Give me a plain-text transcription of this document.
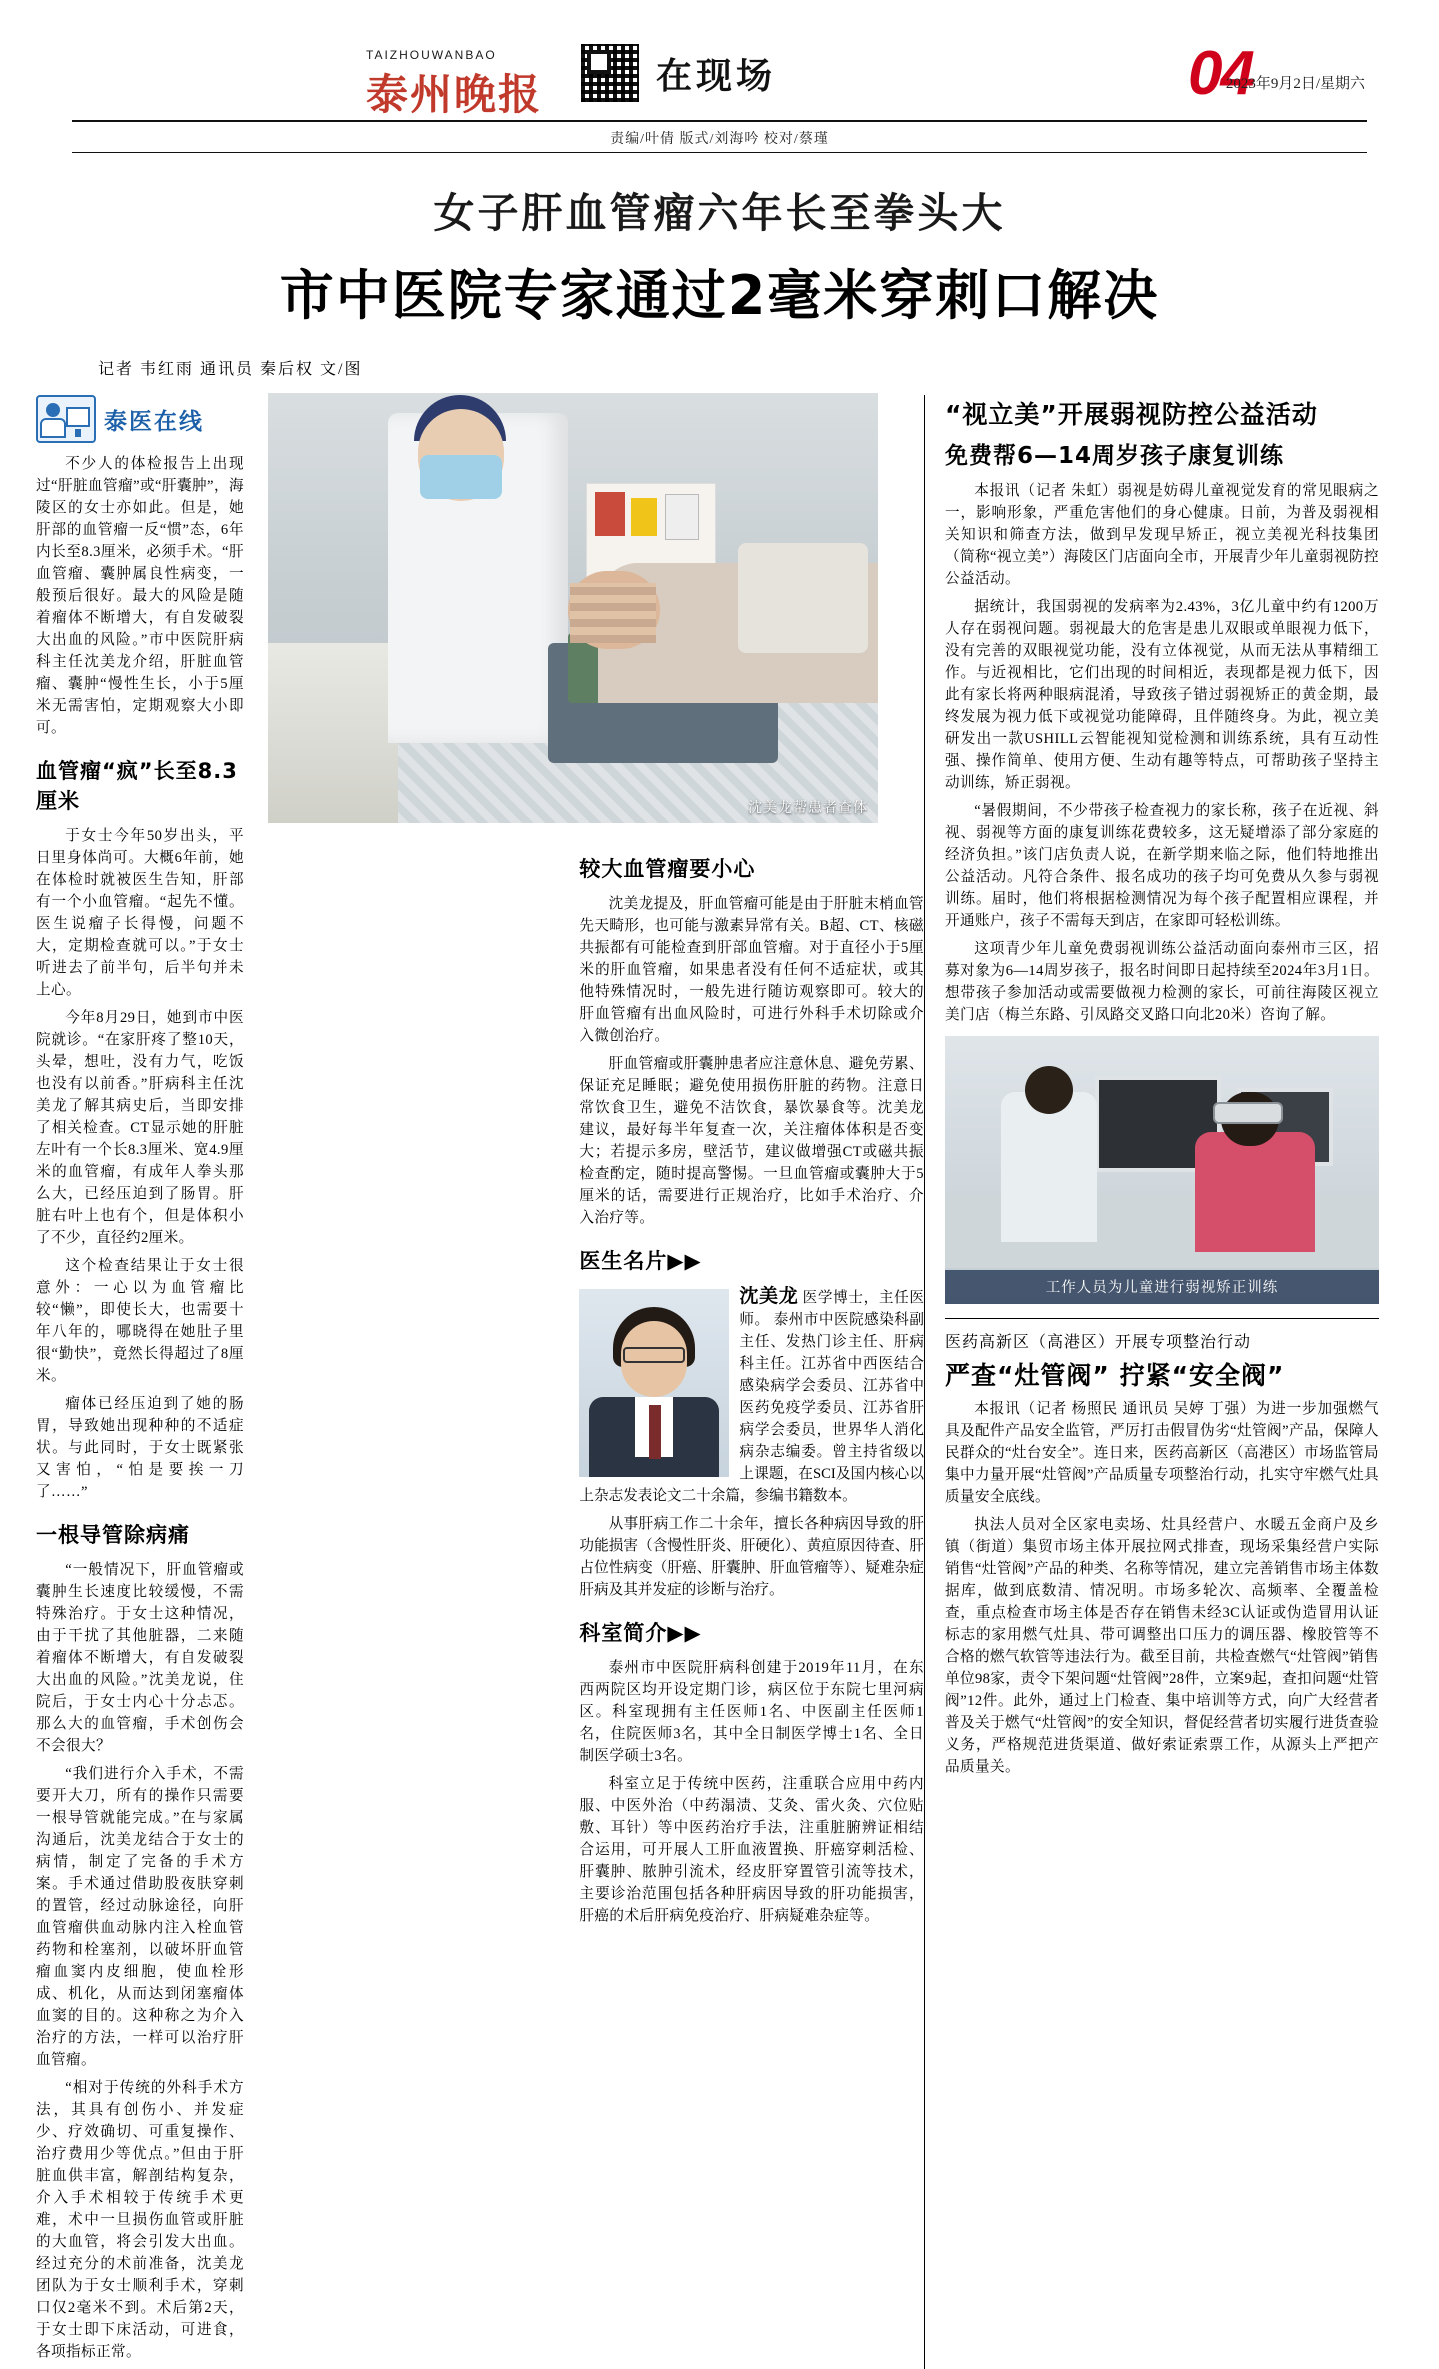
TAIZHOUWANBAO
泰州晚报	在现场	04
2023年9月2日/星期六
责编/叶倩 版式/刘海吟 校对/蔡瑾
女子肝血管瘤六年长至拳头大
市中医院专家通过2毫米穿刺口解决
记者 韦红雨 通讯员 秦后权 文/图
泰医在线

不少人的体检报告上出现过“肝脏血管瘤”或“肝囊肿”，海陵区的女士亦如此。但是，她肝部的血管瘤一反“惯”态，6年内长至8.3厘米，必须手术。“肝血管瘤、囊肿属良性病变，一般预后很好。最大的风险是随着瘤体不断增大，有自发破裂大出血的风险。”市中医院肝病科主任沈美龙介绍，肝脏血管瘤、囊肿“慢性生长，小于5厘米无需害怕，定期观察大小即可。

血管瘤“疯”长至8.3厘米

于女士今年50岁出头，平日里身体尚可。大概6年前，她在体检时就被医生告知，肝部有一个小血管瘤。“起先不懂。医生说瘤子长得慢，问题不大，定期检查就可以。”于女士听进去了前半句，后半句并未上心。

今年8月29日，她到市中医院就诊。“在家肝疼了整10天，头晕，想吐，没有力气，吃饭也没有以前香。”肝病科主任沈美龙了解其病史后，当即安排了相关检查。CT显示她的肝脏左叶有一个长8.3厘米、宽4.9厘米的血管瘤，有成年人拳头那么大，已经压迫到了肠胃。肝脏右叶上也有个，但是体积小了不少，直径约2厘米。

这个检查结果让于女士很意外：一心以为血管瘤比较“懒”，即使长大，也需要十年八年的，哪晓得在她肚子里很“勤快”，竟然长得超过了8厘米。

瘤体已经压迫到了她的肠胃，导致她出现种种的不适症状。与此同时，于女士既紧张又害怕，“怕是要挨一刀了……”

一根导管除病痛

“一般情况下，肝血管瘤或囊肿生长速度比较缓慢，不需特殊治疗。于女士这种情况，由于干扰了其他脏器，二来随着瘤体不断增大，有自发破裂大出血的风险。”沈美龙说，住院后，于女士内心十分忐忑。那么大的血管瘤，手术创伤会不会很大？

“我们进行介入手术，不需要开大刀，所有的操作只需要一根导管就能完成。”在与家属沟通后，沈美龙结合于女士的病情，制定了完备的手术方案。手术通过借助股夜肤穿刺的置管，经过动脉途径，向肝血管瘤供血动脉内注入栓血管药物和栓塞剂，以破坏肝血管瘤血窦内皮细胞，使血栓形成、机化，从而达到闭塞瘤体血窦的目的。这种称之为介入治疗的方法，一样可以治疗肝血管瘤。

“相对于传统的外科手术方法，其具有创伤小、并发症少、疗效确切、可重复操作、治疗费用少等优点。”但由于肝脏血供丰富，解剖结构复杂，介入手术相较于传统手术更难，术中一旦损伤血管或肝脏的大血管，将会引发大出血。经过充分的术前准备，沈美龙团队为于女士顺利手术，穿刺口仅2毫米不到。术后第2天，于女士即下床活动，可进食，各项指标正常。

沈美龙帮患者查体
较大血管瘤要小心

沈美龙提及，肝血管瘤可能是由于肝脏末梢血管先天畸形，也可能与激素异常有关。B超、CT、核磁共振都有可能检查到肝部血管瘤。对于直径小于5厘米的肝血管瘤，如果患者没有任何不适症状，或其他特殊情况时，一般先进行随访观察即可。较大的肝血管瘤有出血风险时，可进行外科手术切除或介入微创治疗。

肝血管瘤或肝囊肿患者应注意休息、避免劳累、保证充足睡眠；避免使用损伤肝脏的药物。注意日常饮食卫生，避免不洁饮食，暴饮暴食等。沈美龙建议，最好每半年复查一次，关注瘤体体积是否变大；若提示多房，壁活节，建议做增强CT或磁共振检查酌定，随时提高警惕。一旦血管瘤或囊肿大于5厘米的话，需要进行正规治疗，比如手术治疗、介入治疗等。

医生名片▶▶

沈美龙 医学博士，主任医师。 泰州市中医院感染科副主任、发热门诊主任、肝病科主任。江苏省中西医结合感染病学会委员、江苏省中医药免疫学委员、江苏省肝病学会委员，世界华人消化病杂志编委。曾主持省级以上课题，在SCI及国内核心以上杂志发表论文二十余篇，参编书籍数本。

从事肝病工作二十余年，擅长各种病因导致的肝功能损害（含慢性肝炎、肝硬化）、黄疸原因待查、肝占位性病变（肝癌、肝囊肿、肝血管瘤等）、疑难杂症肝病及其并发症的诊断与治疗。

科室简介▶▶

泰州市中医院肝病科创建于2019年11月，在东西两院区均开设定期门诊，病区位于东院七里河病区。科室现拥有主任医师1名、中医副主任医师1名，住院医师3名，其中全日制医学博士1名、全日制医学硕士3名。

科室立足于传统中医药，注重联合应用中药内服、中医外治（中药溻渍、艾灸、雷火灸、穴位贴敷、耳针）等中医药治疗手法，注重脏腑辨证相结合运用，可开展人工肝血液置换、肝癌穿刺活检、肝囊肿、脓肿引流术，经皮肝穿置管引流等技术，主要诊治范围包括各种肝病因导致的肝功能损害，肝癌的术后肝病免疫治疗、肝病疑难杂症等。

“视立美”开展弱视防控公益活动
免费帮6—14周岁孩子康复训练

本报讯（记者 朱虹）弱视是妨碍儿童视觉发育的常见眼病之一，影响形象，严重危害他们的身心健康。日前，为普及弱视相关知识和筛查方法，做到早发现早矫正，视立美视光科技集团（简称“视立美”）海陵区门店面向全市，开展青少年儿童弱视防控公益活动。

据统计，我国弱视的发病率为2.43%，3亿儿童中约有1200万人存在弱视问题。弱视最大的危害是患儿双眼或单眼视力低下，没有完善的双眼视觉功能，没有立体视觉，从而无法从事精细工作。与近视相比，它们出现的时间相近，表现都是视力低下，因此有家长将两种眼病混淆，导致孩子错过弱视矫正的黄金期，最终发展为视力低下或视觉功能障碍，且伴随终身。为此，视立美研发出一款USHILL云智能视知觉检测和训练系统，具有互动性强、操作简单、使用方便、生动有趣等特点，可帮助孩子坚持主动训练，矫正弱视。

“暑假期间，不少带孩子检查视力的家长称，孩子在近视、斜视、弱视等方面的康复训练花费较多，这无疑增添了部分家庭的经济负担。”该门店负责人说，在新学期来临之际，他们特地推出公益活动。凡符合条件、报名成功的孩子均可免费从久参与弱视训练。届时，他们将根据检测情况为每个孩子配置相应课程，并开通账户，孩子不需每天到店，在家即可轻松训练。

这项青少年儿童免费弱视训练公益活动面向泰州市三区，招募对象为6—14周岁孩子，报名时间即日起持续至2024年3月1日。想带孩子参加活动或需要做视力检测的家长，可前往海陵区视立美门店（梅兰东路、引凤路交叉路口向北20米）咨询了解。

工作人员为儿童进行弱视矫正训练
医药高新区（高港区）开展专项整治行动
严查“灶管阀” 拧紧“安全阀”

本报讯（记者 杨照民 通讯员 吴婷 丁强）为进一步加强燃气具及配件产品安全监管，严厉打击假冒伪劣“灶管阀”产品，保障人民群众的“灶台安全”。连日来，医药高新区（高港区）市场监管局集中力量开展“灶管阀”产品质量专项整治行动，扎实守牢燃气灶具质量安全底线。

执法人员对全区家电卖场、灶具经营户、水暖五金商户及乡镇（街道）集贸市场主体开展拉网式排查，现场采集经营户实际销售“灶管阀”产品的种类、名称等情况，建立完善销售市场主体数据库，做到底数清、情况明。市场多轮次、高频率、全覆盖检查，重点检查市场主体是否存在销售未经3C认证或伪造冒用认证标志的家用燃气灶具、带可调整出口压力的调压器、橡胶管等不合格的燃气软管等违法行为。截至目前，共检查燃气“灶管阀”销售单位98家，责令下架问题“灶管阀”28件，立案9起，查扣问题“灶管阀”12件。此外，通过上门检查、集中培训等方式，向广大经营者普及关于燃气“灶管阀”的安全知识，督促经营者切实履行进货查验义务，严格规范进货渠道、做好索证索票工作，从源头上严把产品质量关。
